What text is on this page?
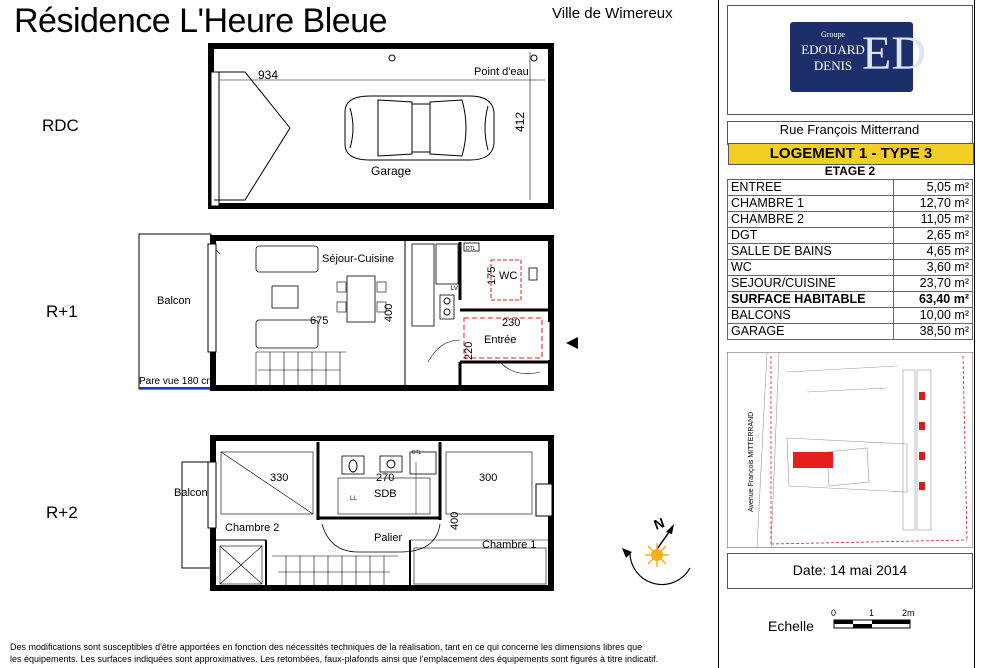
Résidence L'Heure Bleue	Ville de Wimereux
RDC
R+1
R+2
934
412
Point d'eau
Garage
LV
DTL
Balcon
Séjour-Cuisine
675	400
175 WC
230
220
Entrée
Pare vue 180 cm
DTL
LL
Balcon
330	270	300
SDB
Chambre 2
Palier
400
Chambre 1
N
Groupe
EDOUARD
DENIS ED
Rue François Mitterrand
LOGEMENT 1 - TYPE 3
ETAGE 2
ENTREE	5,05 m²
CHAMBRE 1	12,70 m²
CHAMBRE 2	11,05 m²
DGT	2,65 m²
SALLE DE BAINS	4,65 m²
WC	3,60 m²
SEJOUR/CUISINE	23,70 m²
SURFACE HABITABLE	63,40 m²
BALCONS	10,00 m²
GARAGE	38,50 m²
Avenue François MITTERRAND
Date: 14 mai 2014
Echelle
0	1	2m
Des modifications sont susceptibles d'être apportées en fonction des nécessités techniques de la réalisation, tant en ce qui concerne les dimensions libres que
les équipements. Les surfaces indiquées sont approximatives. Les retombées, faux-plafonds ainsi que l'emplacement des équipements sont figurés à titre indicatif.
